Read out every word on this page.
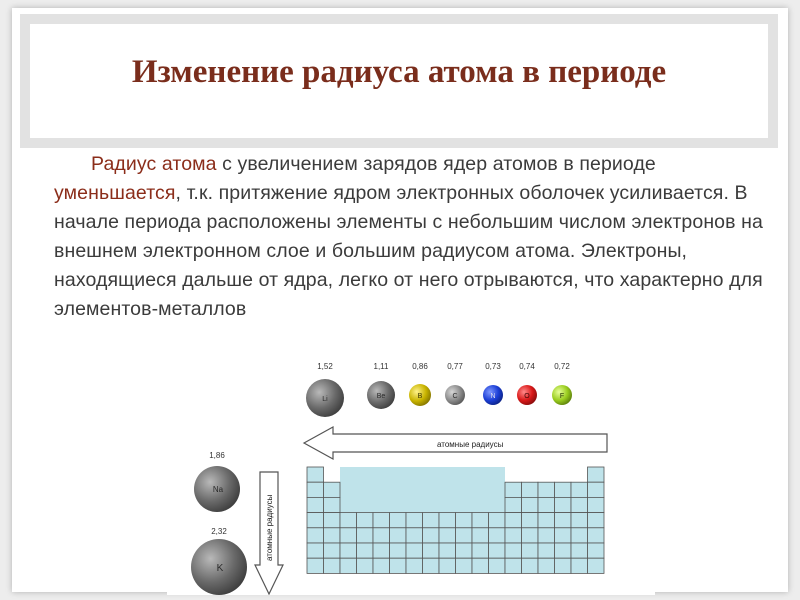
Изменение радиуса атома в периоде
Радиус атома с увеличением зарядов ядер атомов в периоде уменьшается, т.к. притяжение ядром электронных оболочек усиливается. В начале периода расположены элементы с небольшим числом электронов на внешнем электронном слое и большим радиусом атома. Электроны, находящиеся дальше от ядра, легко от него отрываются, что характерно для элементов-металлов
1,52
Li
1,11
Be
0,86
B
0,77
C
0,73
N
0,74
O
0,72
F
атомные радиусы
1,86
Na
2,32
K
атомные радиусы
